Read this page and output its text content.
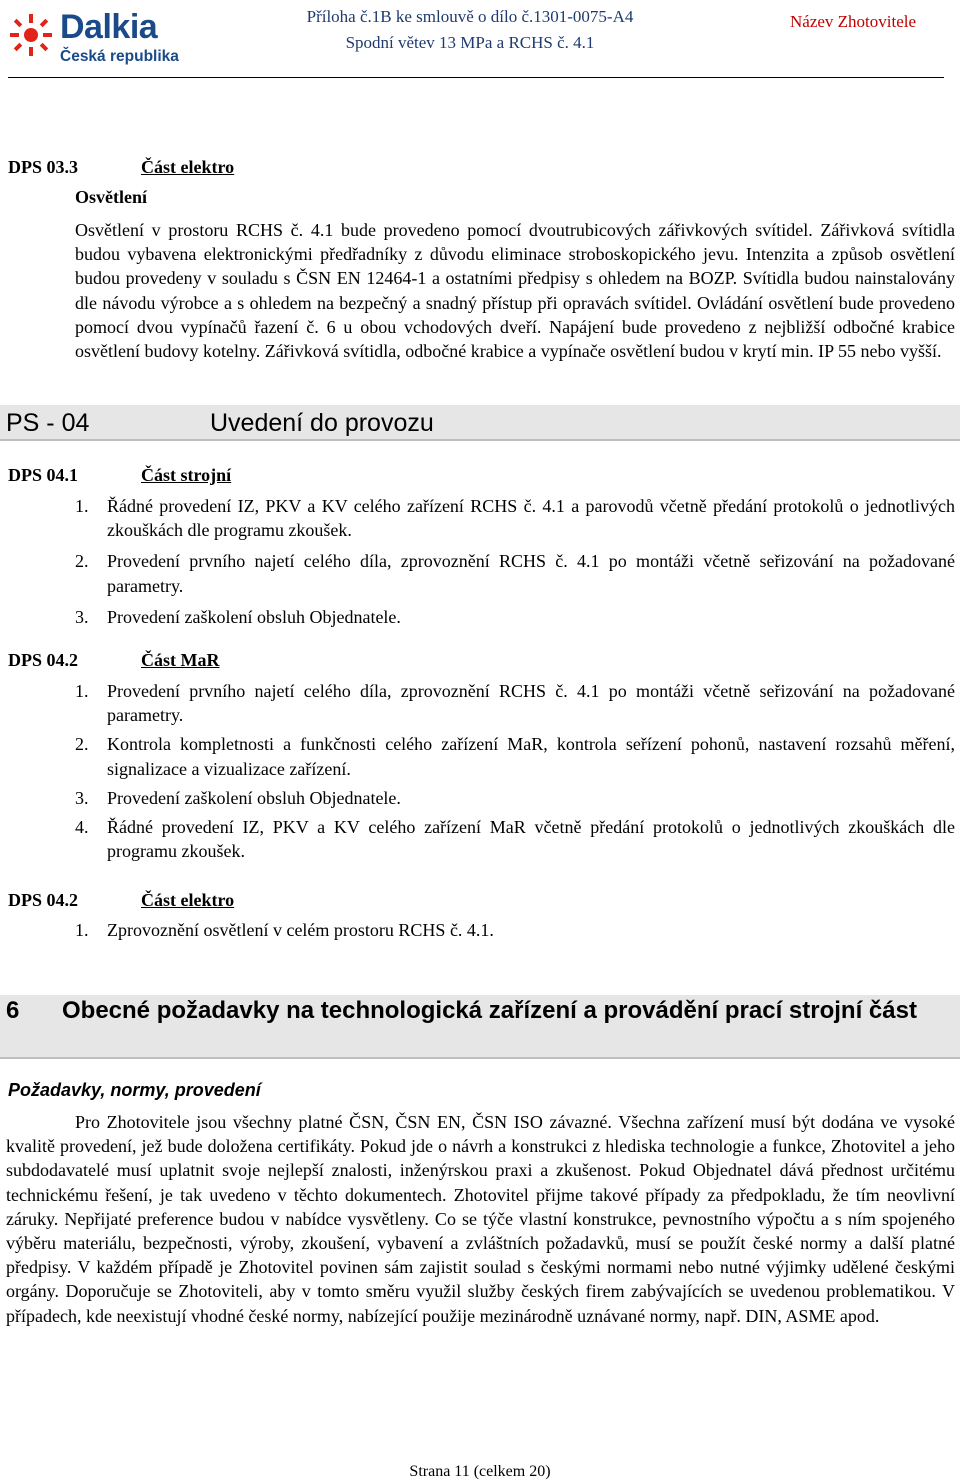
Dalkia
Česká republika
Příloha č.1B ke smlouvě o dílo č.1301-0075-A4
Spodní větev 13 MPa a RCHS č. 4.1
Název Zhotovitele
DPS 03.3	Část elektro
Osvětlení
Osvětlení v prostoru RCHS č. 4.1 bude provedeno pomocí dvoutrubicových zářivkových svítidel. Zářivková svítidla budou vybavena elektronickými předřadníky z důvodu eliminace stroboskopického jevu. Intenzita a způsob osvětlení budou provedeny v souladu s ČSN EN 12464-1 a ostatními předpisy s ohledem na BOZP. Svítidla budou nainstalovány dle návodu výrobce a s ohledem na bezpečný a snadný přístup při opravách svítidel. Ovládání osvětlení bude provedeno pomocí dvou vypínačů řazení č. 6 u obou vchodových dveří. Napájení bude provedeno z nejbližší odbočné krabice osvětlení budovy kotelny. Zářivková svítidla, odbočné krabice a vypínače osvětlení budou v krytí min. IP 55 nebo vyšší.
PS - 04	Uvedení do provozu
DPS 04.1	Část strojní
1. Řádné provedení IZ, PKV a KV celého zařízení RCHS č. 4.1 a parovodů včetně předání protokolů o jednotlivých zkouškách dle programu zkoušek.
2. Provedení prvního najetí celého díla, zprovoznění RCHS č. 4.1 po montáži včetně seřizování na požadované parametry.
3. Provedení zaškolení obsluh Objednatele.
DPS 04.2	Část MaR
1. Provedení prvního najetí celého díla, zprovoznění RCHS č. 4.1 po montáži včetně seřizování na požadované parametry.
2. Kontrola kompletnosti a funkčnosti celého zařízení MaR, kontrola seřízení pohonů, nastavení rozsahů měření, signalizace a vizualizace zařízení.
3. Provedení zaškolení obsluh Objednatele.
4. Řádné provedení IZ, PKV a KV celého zařízení MaR včetně předání protokolů o jednotlivých zkouškách dle programu zkoušek.
DPS 04.2	Část elektro
1. Zprovoznění osvětlení v celém prostoru RCHS č. 4.1.
6 Obecné požadavky na technologická zařízení a provádění prací strojní část
Požadavky, normy, provedení
Pro Zhotovitele jsou všechny platné ČSN, ČSN EN, ČSN ISO závazné. Všechna zařízení musí být dodána ve vysoké kvalitě provedení, jež bude doložena certifikáty. Pokud jde o návrh a konstrukci z hlediska technologie a funkce, Zhotovitel a jeho subdodavatelé musí uplatnit svoje nejlepší znalosti, inženýrskou praxi a zkušenost. Pokud Objednatel dává přednost určitému technickému řešení, je tak uvedeno v těchto dokumentech. Zhotovitel přijme takové případy za předpokladu, že tím neovlivní záruky. Nepřijaté preference budou v nabídce vysvětleny. Co se týče vlastní konstrukce, pevnostního výpočtu a s ním spojeného výběru materiálu, bezpečnosti, výroby, zkoušení, vybavení a zvláštních požadavků, musí se použít české normy a další platné předpisy. V každém případě je Zhotovitel povinen sám zajistit soulad s českými normami nebo nutné výjimky udělené českými orgány. Doporučuje se Zhotoviteli, aby v tomto směru využil služby českých firem zabývajících se uvedenou problematikou. V případech, kde neexistují vhodné české normy, nabízející použije mezinárodně uznávané normy, např. DIN, ASME apod.
Strana 11 (celkem 20)
